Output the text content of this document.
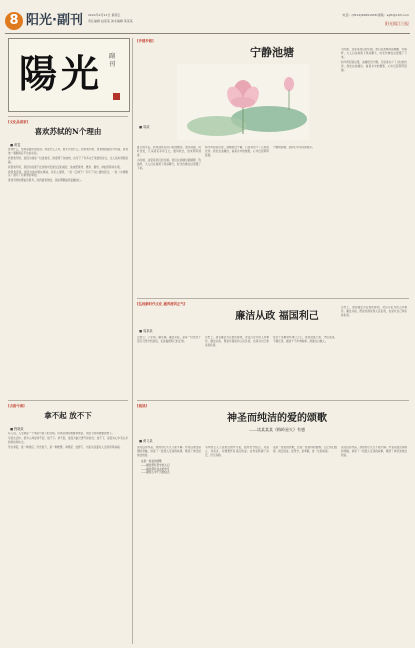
8 阳光·副刊 2022年4月21日 星期五
责任编辑 赵某某 美术编辑 某某某
电话：(0512)66891958 邮箱：sgfk@163.com
阳光镇江日报
陽光 副刊
[文化品读家]
喜欢苏轼的N个理由
■ 黄雯

喜欢什么，坚持是最好的回答。你说什么人多，他才会也什么。我喜欢苏轼，喜欢他的豁达与坦荡，喜欢他一蓑烟雨任平生的从容。

我喜欢苏轼，是因为他是一位美食家，他发明了东坡肉，也写下了许多关于美食的诗文，让人读来垂涎欲滴。

我喜欢苏轼，是因为他善于在逆境中发现生活的美好，他被贬黄州、惠州、儋州，却始终保持乐观。

我喜欢苏轼，是因为他对朋友真诚，对家人深情，一首《江城子》写尽了对亡妻的思念，一首《水调歌头》道尽了对弟弟的牵挂。

喜欢苏轼的理由有很多，而我最喜欢的，是他那颗始终温暖的心。

[古韵今谈]
拿不起 放不下
■ 程晓某

有人说，人生就是一个拿起与放下的过程。该拿起的时候要拿得起，该放下的时候要放得下。

可是生活中，很多人却是拿不起、放不下。拿不起，是因为缺乏勇气和担当；放不下，是因为心中有太多的牵挂和执念。

学会拿起，是一种责任；学会放下，是一种智慧。拿得起、放得下，方能从容面对人生的风风雨雨。

[乡情乡韵]
宁静池塘
■ 周淑

夏日的午后，我来到老家村口的池塘边。池水清澈，荷叶田田，几朵荷花亭亭玉立，微风吹过，送来阵阵清香。

小时候，这里是我们的乐园。我们在池塘边捉蜻蜓、钓鱼虾，大人们在树荫下乘凉聊天，时光仿佛在这里慢了下来。

如今再回到这里，池塘依旧宁静，只是身边少了儿时的伙伴。我坐在池塘边，看着水中的倒影，心中泛起阵阵涟漪。

宁静的池塘，是我心中永远的故乡。

小时候，这里是我们的乐园。我们在池塘边捉蜻蜓、钓鱼虾，大人们在树荫下乘凉聊天，时光仿佛在这里慢了下来。

如今再回到这里，池塘依旧宁静，只是身边少了儿时的伙伴。我坐在池塘边，看着水中的倒影，心中泛起阵阵涟漪。

[弘扬新时代文化 涵养清风正气]
■ 周某某
廉洁从政 福国利己

古语云：公生明，廉生威。廉洁从政，是每一位党员干部应当坚守的底线，也是福国利己的正道。

历史上，清官廉吏为百姓所称颂，贪官污吏为世人所唾弃。廉洁从政，既是对国家和人民负责，也是对自己和家庭负责。

党员干部要常怀律己之心，常思贪欲之害，守住底线，不越红线，做到干干净净做事，清清白白做人。

历史上，清官廉吏为百姓所称颂，贪官污吏为世人所唾弃。廉洁从政，既是对国家和人民负责，也是对自己和家庭负责。

[阅读]
神圣而纯洁的爱的颂歌
——读某某某《梅岭星火》有感
■ 黄义某

读完这部作品，我的内心久久不能平静。作者以饱含深情的笔触，讲述了一段感人至深的故事，歌颂了神圣而纯洁的爱。

这是一首爱的颂歌
——献给那些坚守的人们
——献给那些远去的岁月
——献给心中不灭的信念

书中的主人公在艰苦的岁月里，始终坚守信念，对爱人、对家乡、对理想怀有深沉的爱。这份爱跨越了时空，历久弥新。

这是一首爱的颂歌，也是一首信仰的赞歌。它让我们懂得，真正的爱，是坚守，是奉献，是一生的承诺。

读完这部作品，我的内心久久不能平静。作者以饱含深情的笔触，讲述了一段感人至深的故事，歌颂了神圣而纯洁的爱。
